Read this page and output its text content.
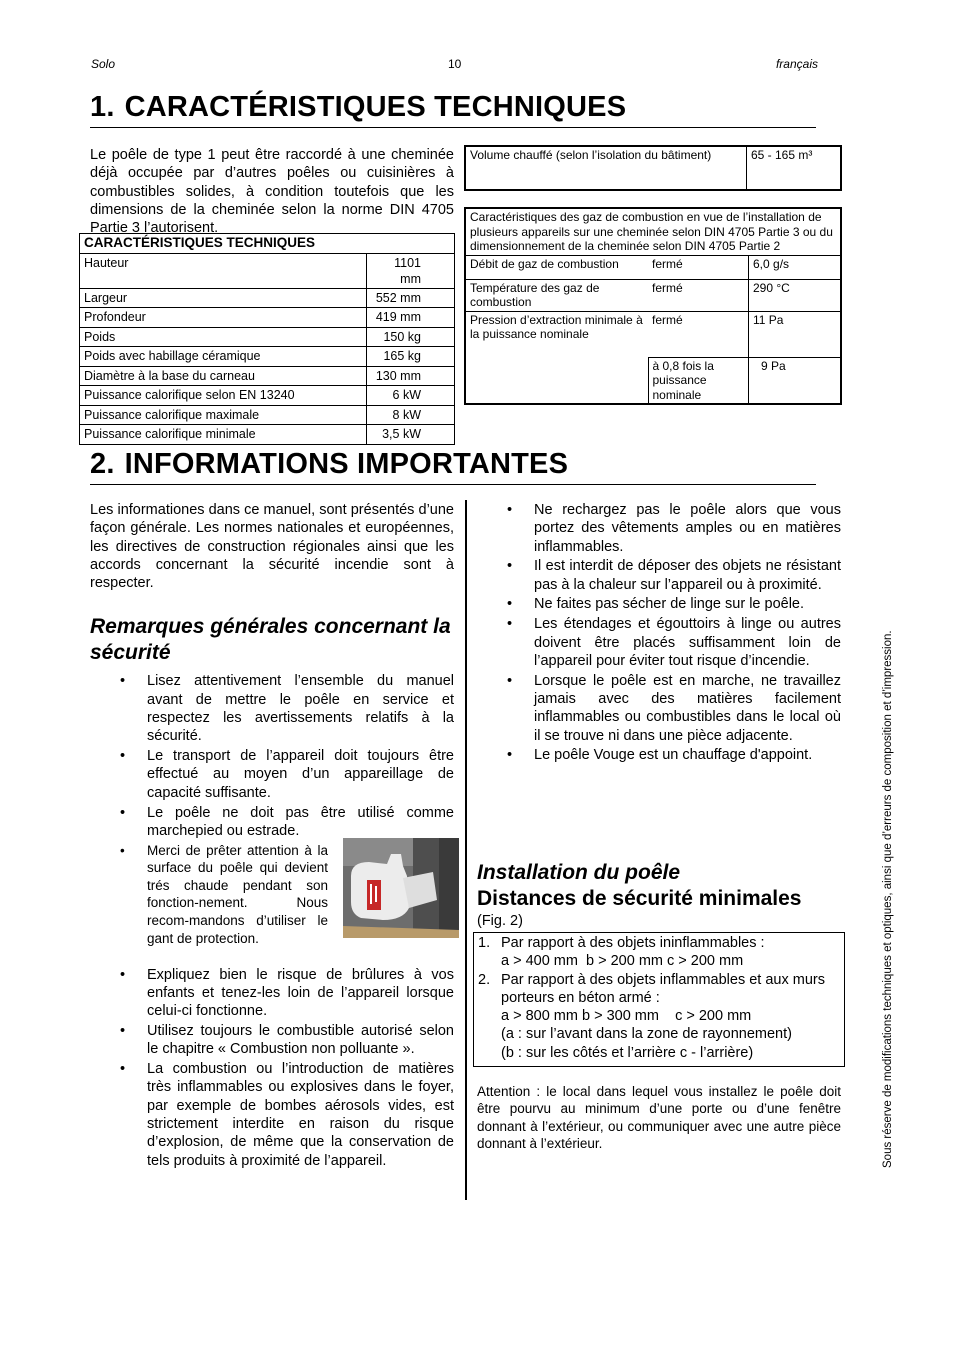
Solo	10	français
1. CARACTÉRISTIQUES TECHNIQUES
Le poêle de type 1 peut être raccordé à une cheminée déjà occupée par d’autres poêles ou cuisinières à combustibles solides, à condition toutefois que les dimensions de la cheminée selon la norme DIN 4705 Partie 3 l’autorisent.
CARACTÉRISTIQUES TECHNIQUES	
Hauteur	1101 mm
Largeur	552 mm
Profondeur	419 mm
Poids	150 kg
Poids avec habillage céramique	165 kg
Diamètre à la base du carneau	130 mm
Puissance calorifique selon EN 13240	6 kW
Puissance calorifique maximale	8 kW
Puissance calorifique minimale	3,5 kW
Volume chauffé (selon l’isolation du bâtiment)	65 - 165 m³
Caractéristiques des gaz de combustion en vue de l’installation de plusieurs appareils sur une cheminée selon DIN 4705 Partie 3 ou du dimensionnement de la cheminée selon DIN 4705 Partie 2		
Débit de gaz de combustion	fermé	6,0 g/s
Température des gaz de combustion	fermé	290 °C
Pression d’extraction minimale à la puissance nominale	fermé	11 Pa
	à 0,8 fois la puissance nominale	9 Pa
2. INFORMATIONS IMPORTANTES
Les informationes dans ce manuel, sont présentés d’une façon générale. Les normes nationales et européennes, les directives de construction régionales ainsi que les accords concernant la sécurité incendie sont à respecter.
Remarques générales concernant la sécurité
• Lisez attentivement l’ensemble du manuel avant de mettre le poêle en service et respectez les avertissements relatifs à la sécurité.
• Le transport de l’appareil doit toujours être effectué au moyen d’un appareillage de capacité suffisante.
• Le poêle ne doit pas être utilisé comme marchepied ou estrade.
• Merci de prêter attention à la surface du poêle qui devient trés chaude pendant son fonction-nement. Nous recom-mandons d’utiliser le gant de protection.
• Expliquez bien le risque de brûlures à vos enfants et tenez-les loin de l’appareil lorsque celui-ci fonctionne.
• Utilisez toujours le combustible autorisé selon le chapitre « Combustion non polluante ».
• La combustion ou l’introduction de matières très inflammables ou explosives dans le foyer, par exemple de bombes aérosols vides, est strictement interdite en raison du risque d’explosion, de même que la conservation de tels produits à proximité de l’appareil.
• Ne rechargez pas le poêle alors que vous portez des vêtements amples ou en matières inflammables.
• Il est interdit de déposer des objets ne résistant pas à la chaleur sur l’appareil ou à proximité.
• Ne faites pas sécher de linge sur le poêle.
• Les étendages et égouttoirs à linge ou autres doivent être placés suffisamment loin de l’appareil pour éviter tout risque d’incendie.
• Lorsque le poêle est en marche, ne travaillez jamais avec des matières facilement inflammables ou combustibles dans le local où il se trouve ni dans une pièce adjacente.
• Le poêle Vouge est un chauffage d'appoint.
Installation du poêle
Distances de sécurité minimales
(Fig. 2)
1. Par rapport à des objets ininflammables :
a > 400 mm  b > 200 mm c > 200 mm
2. Par rapport à des objets inflammables et aux murs porteurs en béton armé :
a > 800 mm b > 300 mm    c > 200 mm
(a : sur l’avant dans la zone de rayonnement)
(b : sur les côtés et l’arrière c - l’arrière)
Attention : le local dans lequel vous installez le poêle doit être pourvu au minimum d’une porte ou d’une fenêtre donnant à l’extérieur, ou communiquer avec une autre pièce donnant à l’extérieur.	Sous réserve de modifications techniques et optiques, ainsi que d’erreurs de composition et d’impression.
